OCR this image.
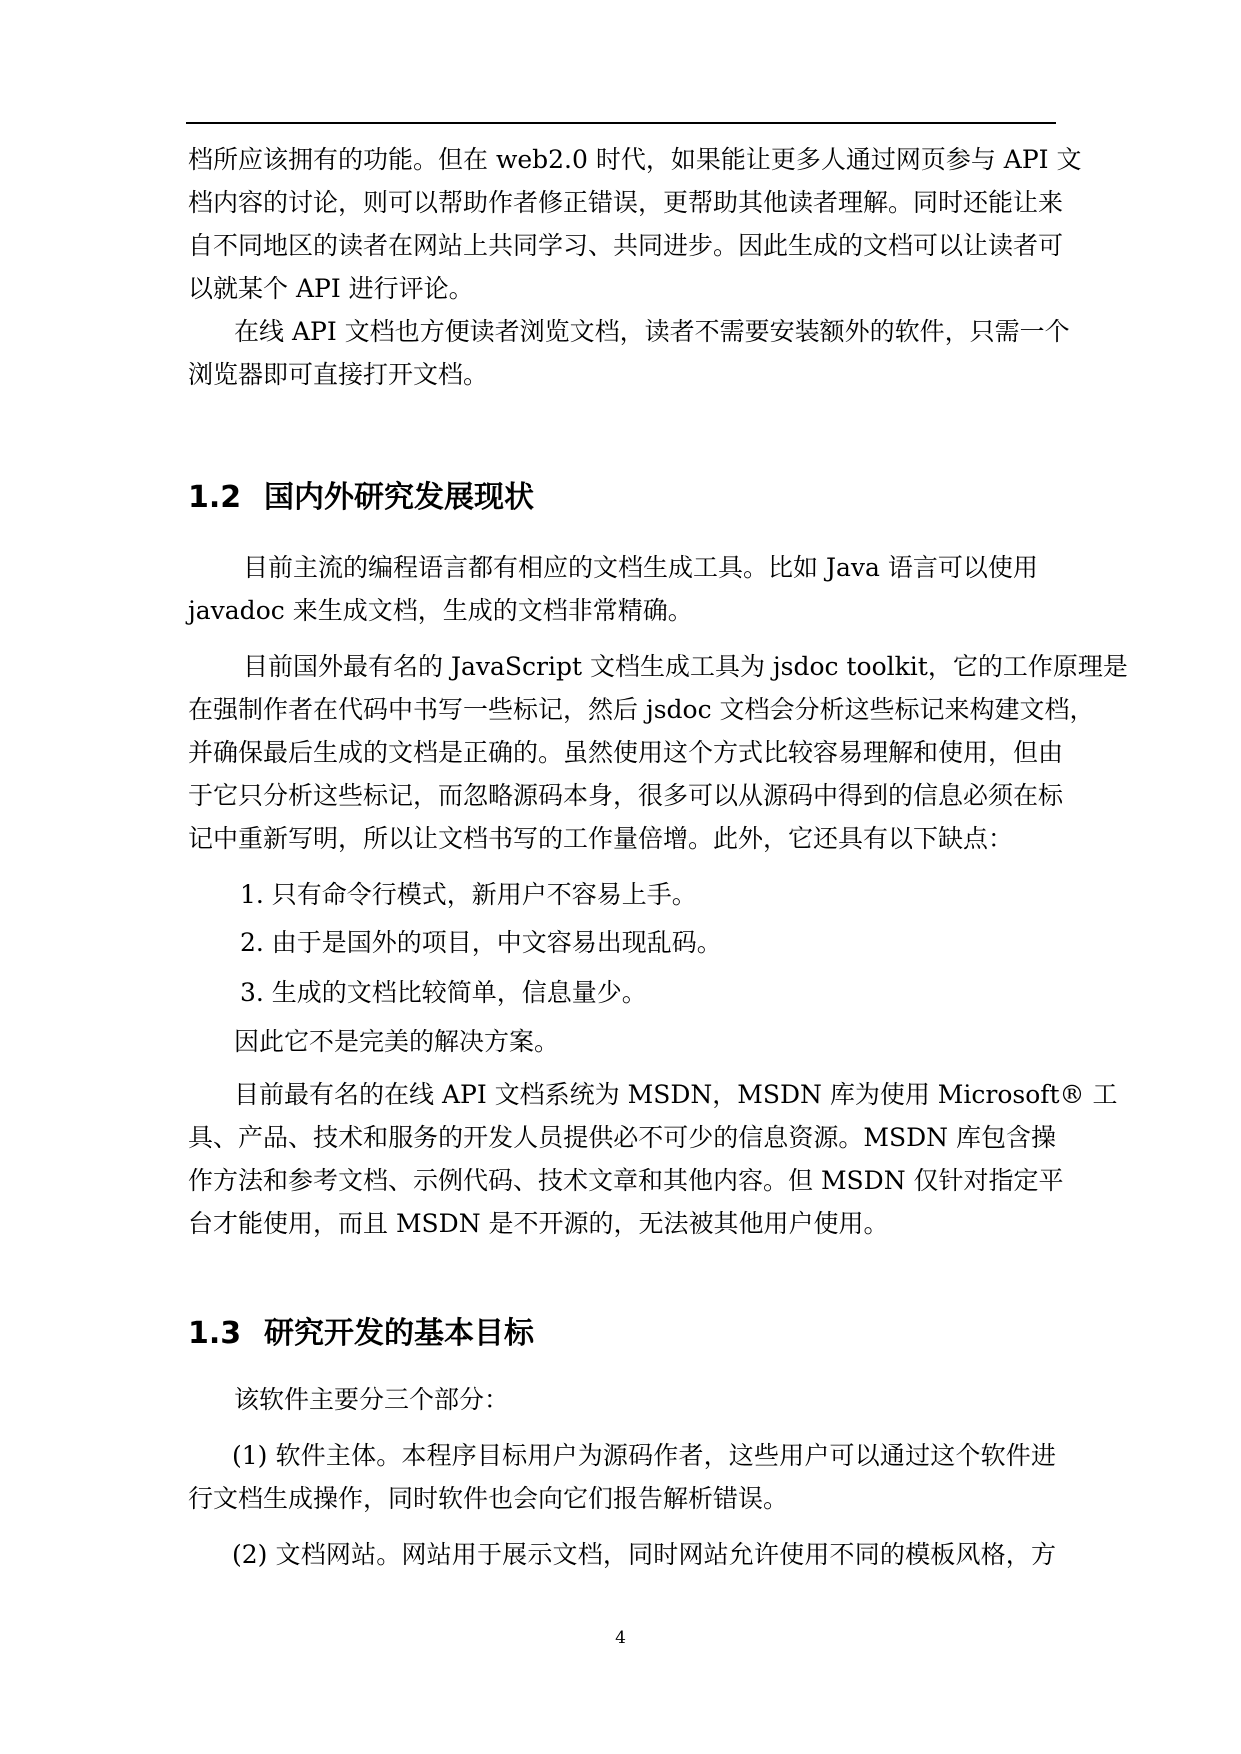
档所应该拥有的功能。但在 web2.0 时代，如果能让更多人通过网页参与 API 文
档内容的讨论，则可以帮助作者修正错误，更帮助其他读者理解。同时还能让来
自不同地区的读者在网站上共同学习、共同进步。因此生成的文档可以让读者可
以就某个 API 进行评论。
在线 API 文档也方便读者浏览文档，读者不需要安装额外的软件，只需一个
浏览器即可直接打开文档。
1.2 国内外研究发展现状
目前主流的编程语言都有相应的文档生成工具。比如 Java 语言可以使用
javadoc 来生成文档，生成的文档非常精确。
目前国外最有名的 JavaScript 文档生成工具为 jsdoc toolkit，它的工作原理是
在强制作者在代码中书写一些标记，然后 jsdoc 文档会分析这些标记来构建文档，
并确保最后生成的文档是正确的。虽然使用这个方式比较容易理解和使用，但由
于它只分析这些标记，而忽略源码本身，很多可以从源码中得到的信息必须在标
记中重新写明，所以让文档书写的工作量倍增。此外，它还具有以下缺点：
1. 只有命令行模式，新用户不容易上手。
2. 由于是国外的项目，中文容易出现乱码。
3. 生成的文档比较简单，信息量少。
因此它不是完美的解决方案。
目前最有名的在线 API 文档系统为 MSDN，MSDN 库为使用 Microsoft® 工
具、产品、技术和服务的开发人员提供必不可少的信息资源。MSDN 库包含操
作方法和参考文档、示例代码、技术文章和其他内容。但 MSDN 仅针对指定平
台才能使用，而且 MSDN 是不开源的，无法被其他用户使用。
1.3 研究开发的基本目标
该软件主要分三个部分：
(1) 软件主体。本程序目标用户为源码作者，这些用户可以通过这个软件进
行文档生成操作，同时软件也会向它们报告解析错误。
(2) 文档网站。网站用于展示文档，同时网站允许使用不同的模板风格，方
4
